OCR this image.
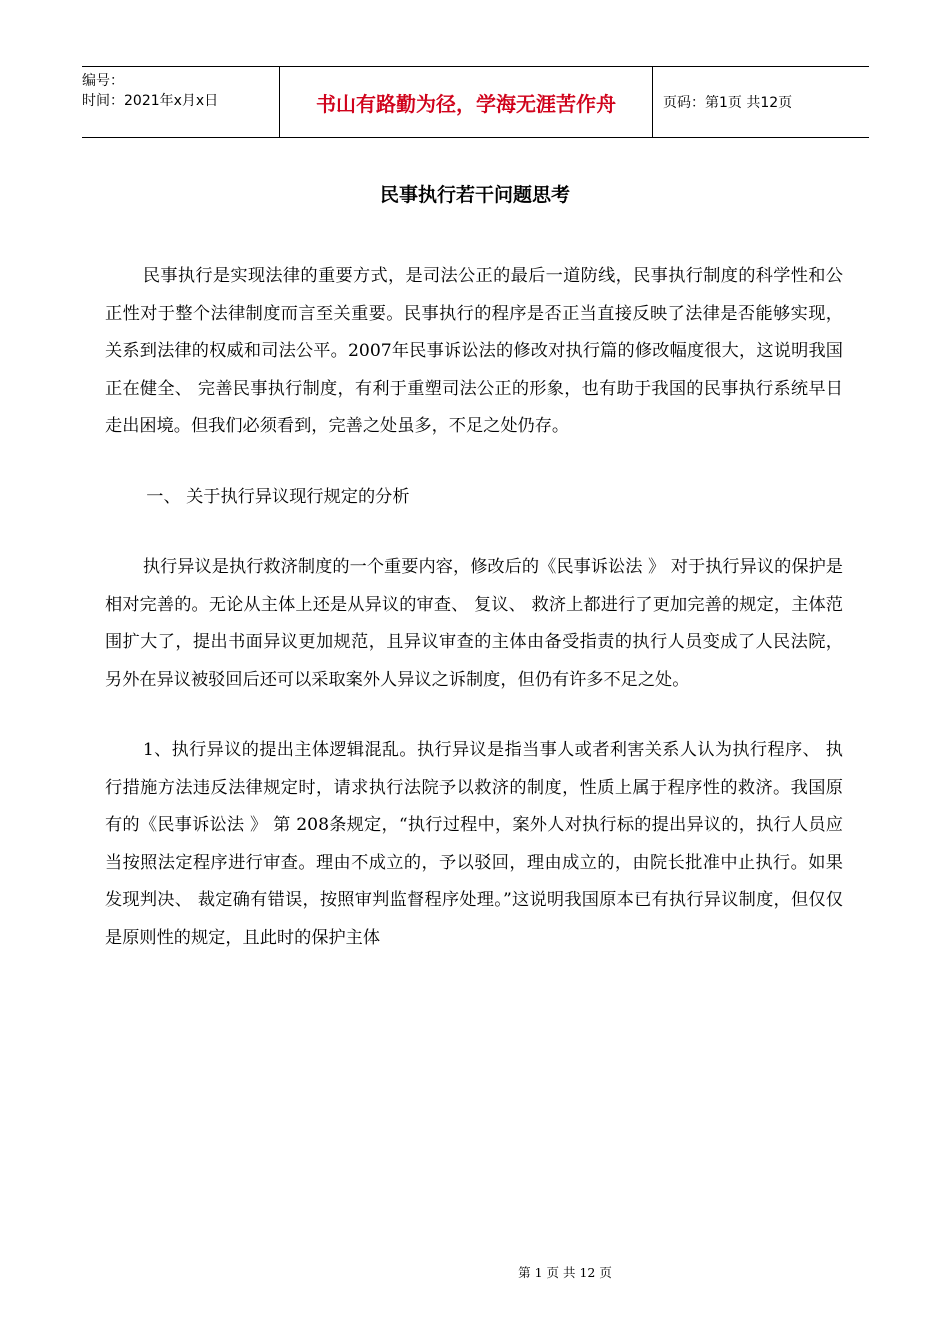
编号：
时间：2021年x月x日	书山有路勤为径，学海无涯苦作舟	页码：第1页 共12页
民事执行若干问题思考

民事执行是实现法律的重要方式，是司法公正的最后一道防线，民事执行制度的科学性和公正性对于整个法律制度而言至关重要。民事执行的程序是否正当直接反映了法律是否能够实现，关系到法律的权威和司法公平。2007年民事诉讼法的修改对执行篇的修改幅度很大，这说明我国正在健全、 完善民事执行制度，有利于重塑司法公正的形象，也有助于我国的民事执行系统早日走出困境。但我们必须看到，完善之处虽多，不足之处仍存。

一、 关于执行异议现行规定的分析

执行异议是执行救济制度的一个重要内容，修改后的《民事诉讼法 》 对于执行异议的保护是相对完善的。无论从主体上还是从异议的审查、 复议、 救济上都进行了更加完善的规定，主体范围扩大了，提出书面异议更加规范，且异议审查的主体由备受指责的执行人员变成了人民法院，另外在异议被驳回后还可以采取案外人异议之诉制度，但仍有许多不足之处。

1、执行异议的提出主体逻辑混乱。执行异议是指当事人或者利害关系人认为执行程序、 执行措施方法违反法律规定时，请求执行法院予以救济的制度，性质上属于程序性的救济。我国原有的《民事诉讼法 》 第 208条规定，“执行过程中，案外人对执行标的提出异议的，执行人员应当按照法定程序进行审查。理由不成立的，予以驳回，理由成立的，由院长批准中止执行。如果发现判决、 裁定确有错误，按照审判监督程序处理。”这说明我国原本已有执行异议制度，但仅仅是原则性的规定，且此时的保护主体

第 1 页 共 12 页
